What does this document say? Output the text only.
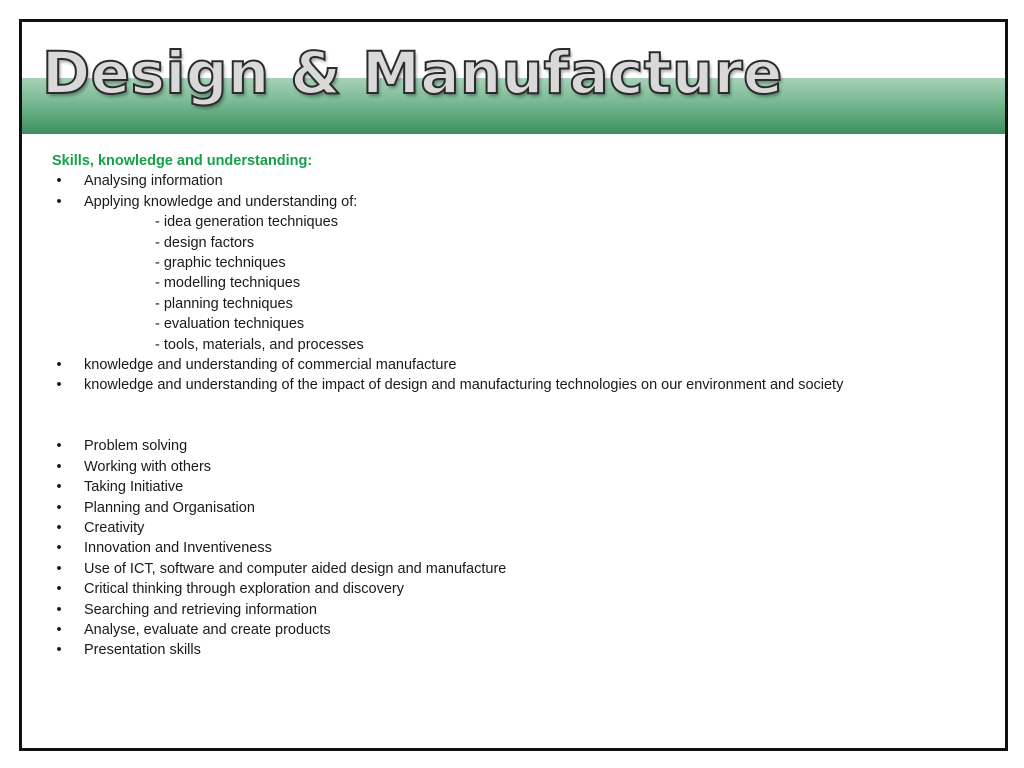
Design & Manufacture
Skills, knowledge and understanding:
•	Analysing information
•	Applying knowledge and understanding of:
- idea generation techniques
- design factors
- graphic techniques
- modelling techniques
- planning techniques
- evaluation techniques
- tools, materials, and processes
•	knowledge and understanding of commercial manufacture
•	knowledge and understanding of the impact of design and manufacturing technologies on our environment and society
•	Problem solving
•	Working with others
•	Taking Initiative
•	Planning and Organisation
•	Creativity
•	Innovation and Inventiveness
•	Use of ICT, software and computer aided design and manufacture
•	Critical thinking through exploration and discovery
•	Searching and retrieving information
•	Analyse, evaluate and create products
•	Presentation skills
